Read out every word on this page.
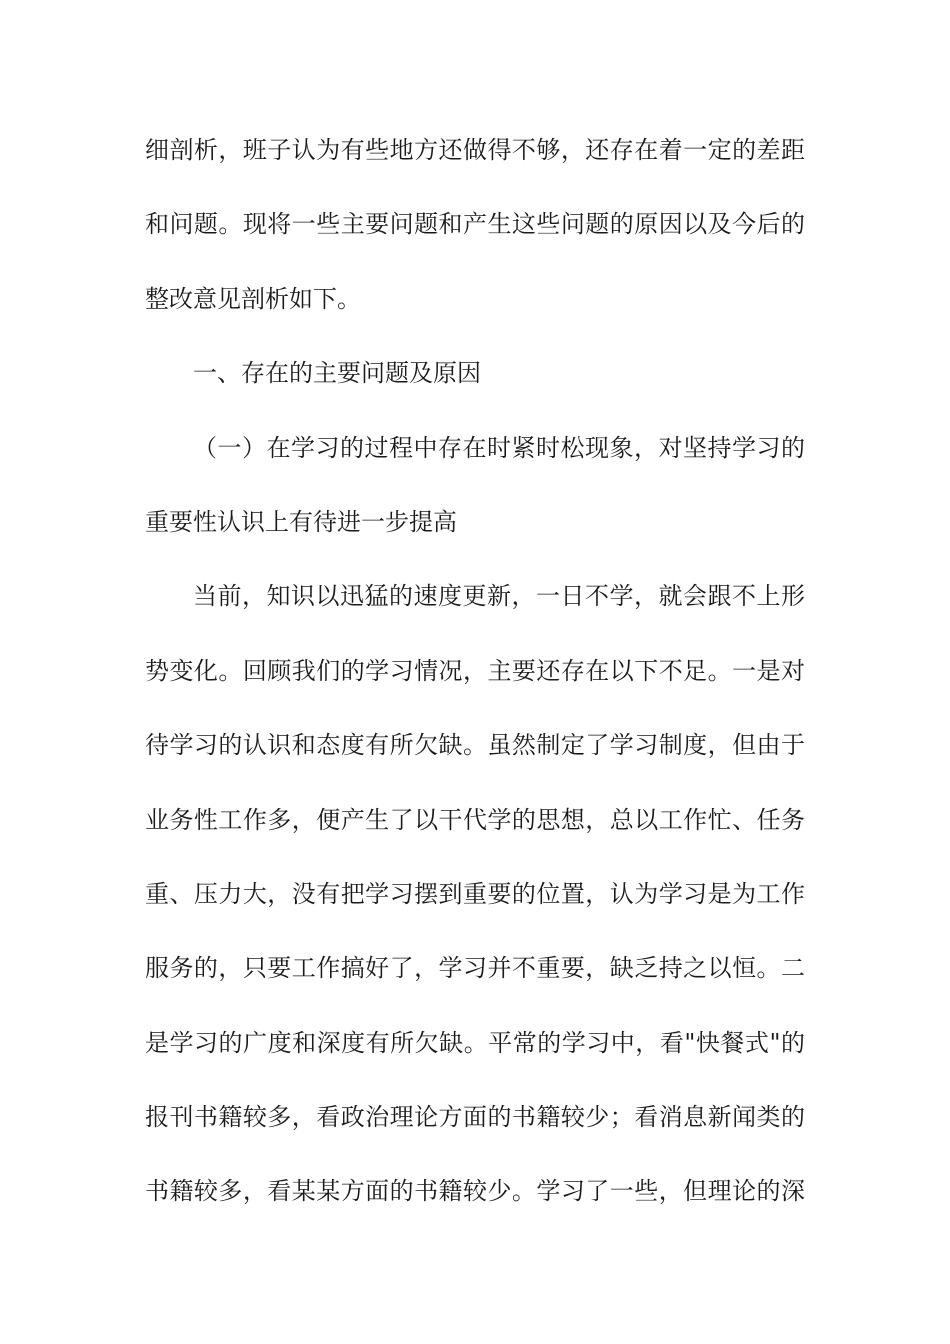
细剖析，班子认为有些地方还做得不够，还存在着一定的差距
和问题。现将一些主要问题和产生这些问题的原因以及今后的
整改意见剖析如下。
一、存在的主要问题及原因
（一）在学习的过程中存在时紧时松现象，对坚持学习的
重要性认识上有待进一步提高
当前，知识以迅猛的速度更新，一日不学，就会跟不上形
势变化。回顾我们的学习情况，主要还存在以下不足。一是对
待学习的认识和态度有所欠缺。虽然制定了学习制度，但由于
业务性工作多，便产生了以干代学的思想，总以工作忙、任务
重、压力大，没有把学习摆到重要的位置，认为学习是为工作
服务的，只要工作搞好了，学习并不重要，缺乏持之以恒。二
是学习的广度和深度有所欠缺。平常的学习中，看"快餐式"的
报刊书籍较多，看政治理论方面的书籍较少；看消息新闻类的
书籍较多，看某某方面的书籍较少。学习了一些，但理论的深
